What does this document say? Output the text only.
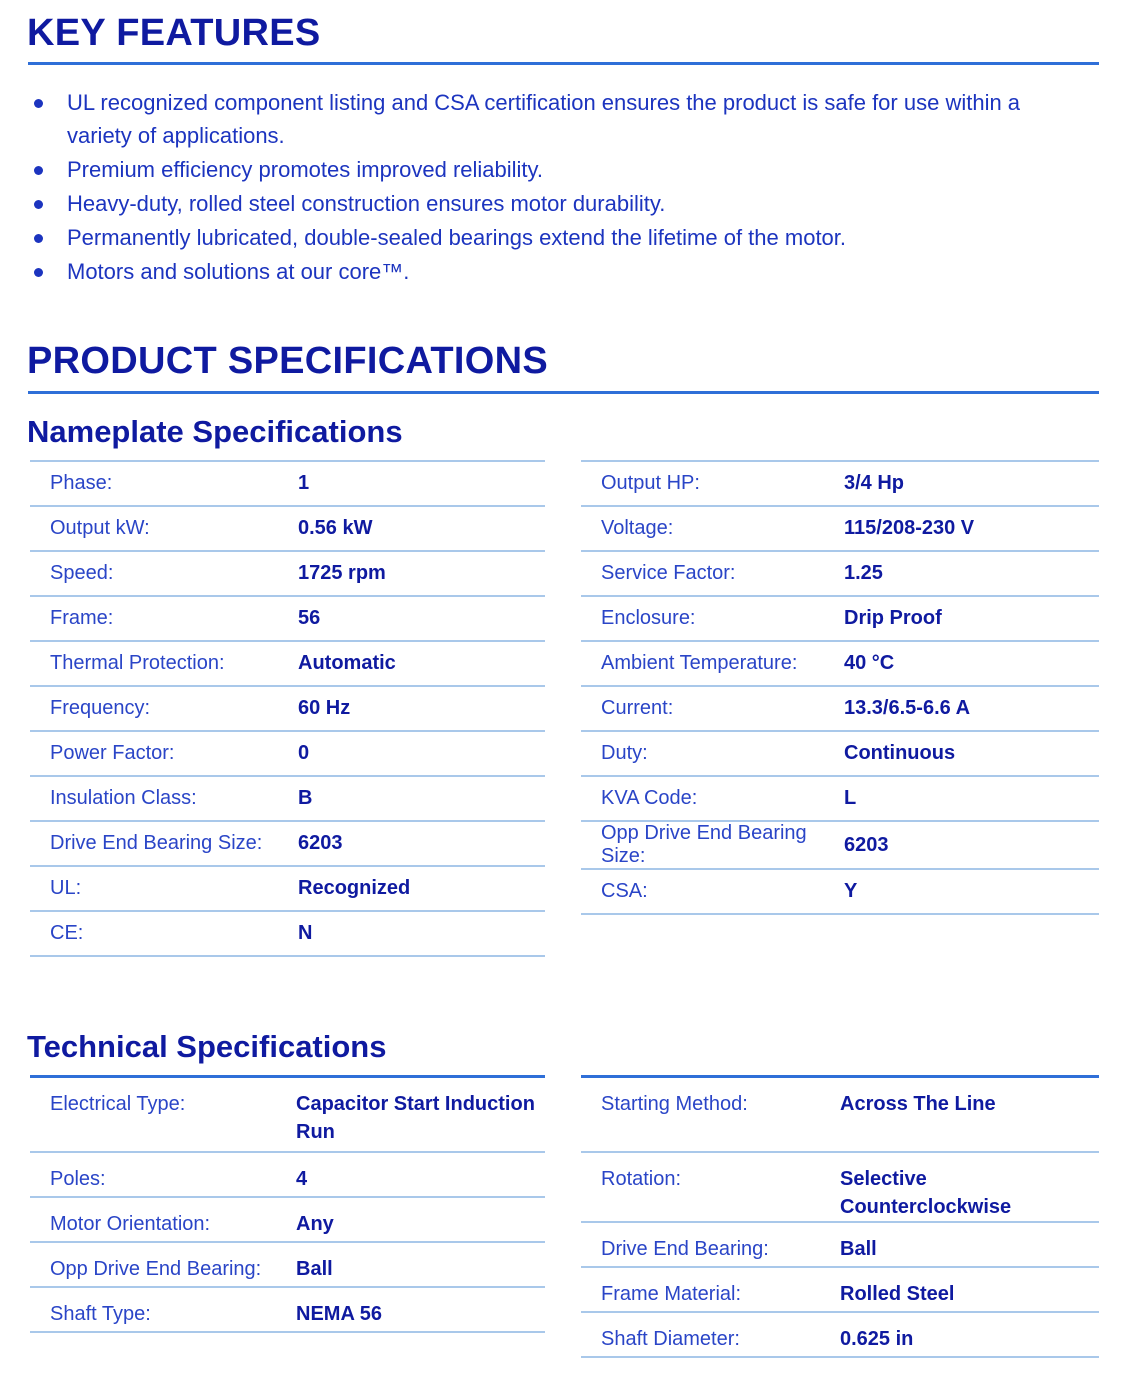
KEY FEATURES
UL recognized component listing and CSA certification ensures the product is safe for use within a variety of applications.
Premium efficiency promotes improved reliability.
Heavy-duty, rolled steel construction ensures motor durability.
Permanently lubricated, double-sealed bearings extend the lifetime of the motor.
Motors and solutions at our core™.
PRODUCT SPECIFICATIONS
Nameplate Specifications
Phase:	1
Output kW:	0.56 kW
Speed:	1725 rpm
Frame:	56
Thermal Protection:	Automatic
Frequency:	60 Hz
Power Factor:	0
Insulation Class:	B
Drive End Bearing Size:	6203
UL:	Recognized
CE:	N
Output HP:	3/4 Hp
Voltage:	115/208-230 V
Service Factor:	1.25
Enclosure:	Drip Proof
Ambient Temperature:	40 °C
Current:	13.3/6.5-6.6 A
Duty:	Continuous
KVA Code:	L
Opp Drive End Bearing Size:	6203
CSA:	Y
Technical Specifications
Electrical Type:	Capacitor Start Induction Run
Poles:	4
Motor Orientation:	Any
Opp Drive End Bearing:	Ball
Shaft Type:	NEMA 56
Starting Method:	Across The Line
Rotation:	Selective Counterclockwise
Drive End Bearing:	Ball
Frame Material:	Rolled Steel
Shaft Diameter:	0.625 in
